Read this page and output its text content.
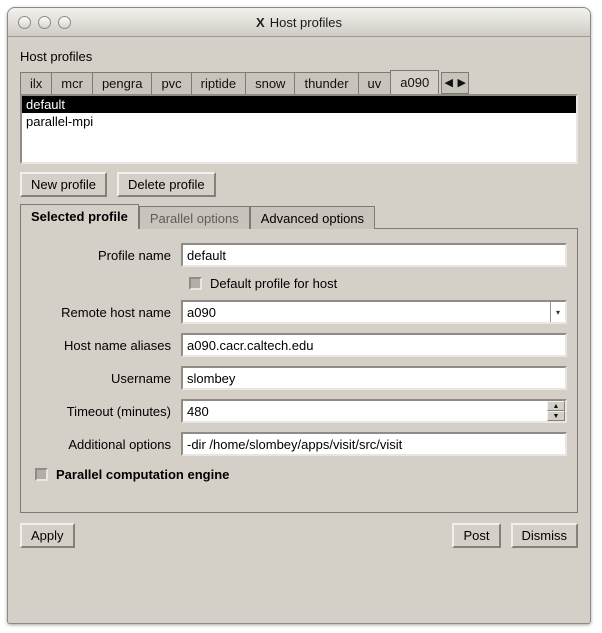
X Host profiles
Host profiles
ilx	mcr	pengra	pvc	riptide	snow	thunder	uv	a090	◀ ▶
default
parallel-mpi
New profile	Delete profile
Selected profile	Parallel options	Advanced options
Profile name	default
Default profile for host
Remote host name	a090	▾
Host name aliases	a090.cacr.caltech.edu
Username	slombey
Timeout (minutes)	480	▲
▼
Additional options	-dir /home/slombey/apps/visit/src/visit
Parallel computation engine
Apply	Post	Dismiss
